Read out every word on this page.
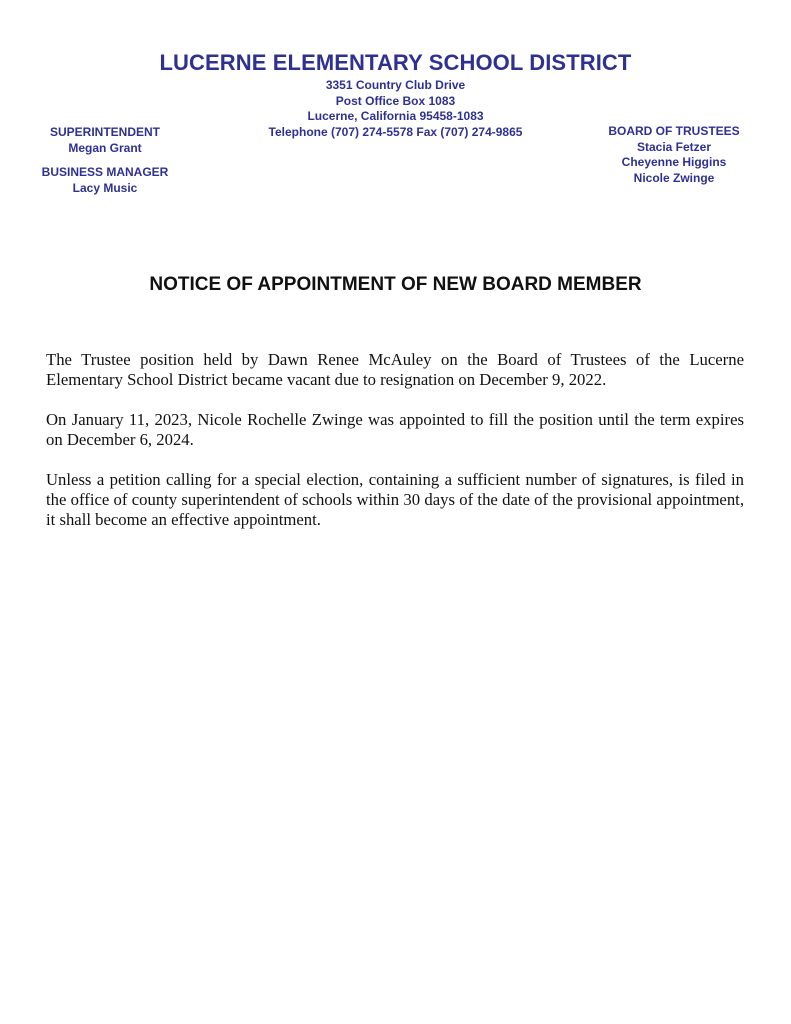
LUCERNE ELEMENTARY SCHOOL DISTRICT
3351 Country Club Drive
Post Office Box 1083
Lucerne, California 95458-1083
Telephone (707) 274-5578 Fax (707) 274-9865
SUPERINTENDENT
Megan Grant
BUSINESS MANAGER
Lacy Music
BOARD OF TRUSTEES
Stacia Fetzer
Cheyenne Higgins
Nicole Zwinge
NOTICE OF APPOINTMENT OF NEW BOARD MEMBER

The Trustee position held by Dawn Renee McAuley on the Board of Trustees of the Lucerne Elementary School District became vacant due to resignation on December 9, 2022.

On January 11, 2023, Nicole Rochelle Zwinge was appointed to fill the position until the term expires on December 6, 2024.

Unless a petition calling for a special election, containing a sufficient number of signatures, is filed in the office of county superintendent of schools within 30 days of the date of the provisional appointment, it shall become an effective appointment.
